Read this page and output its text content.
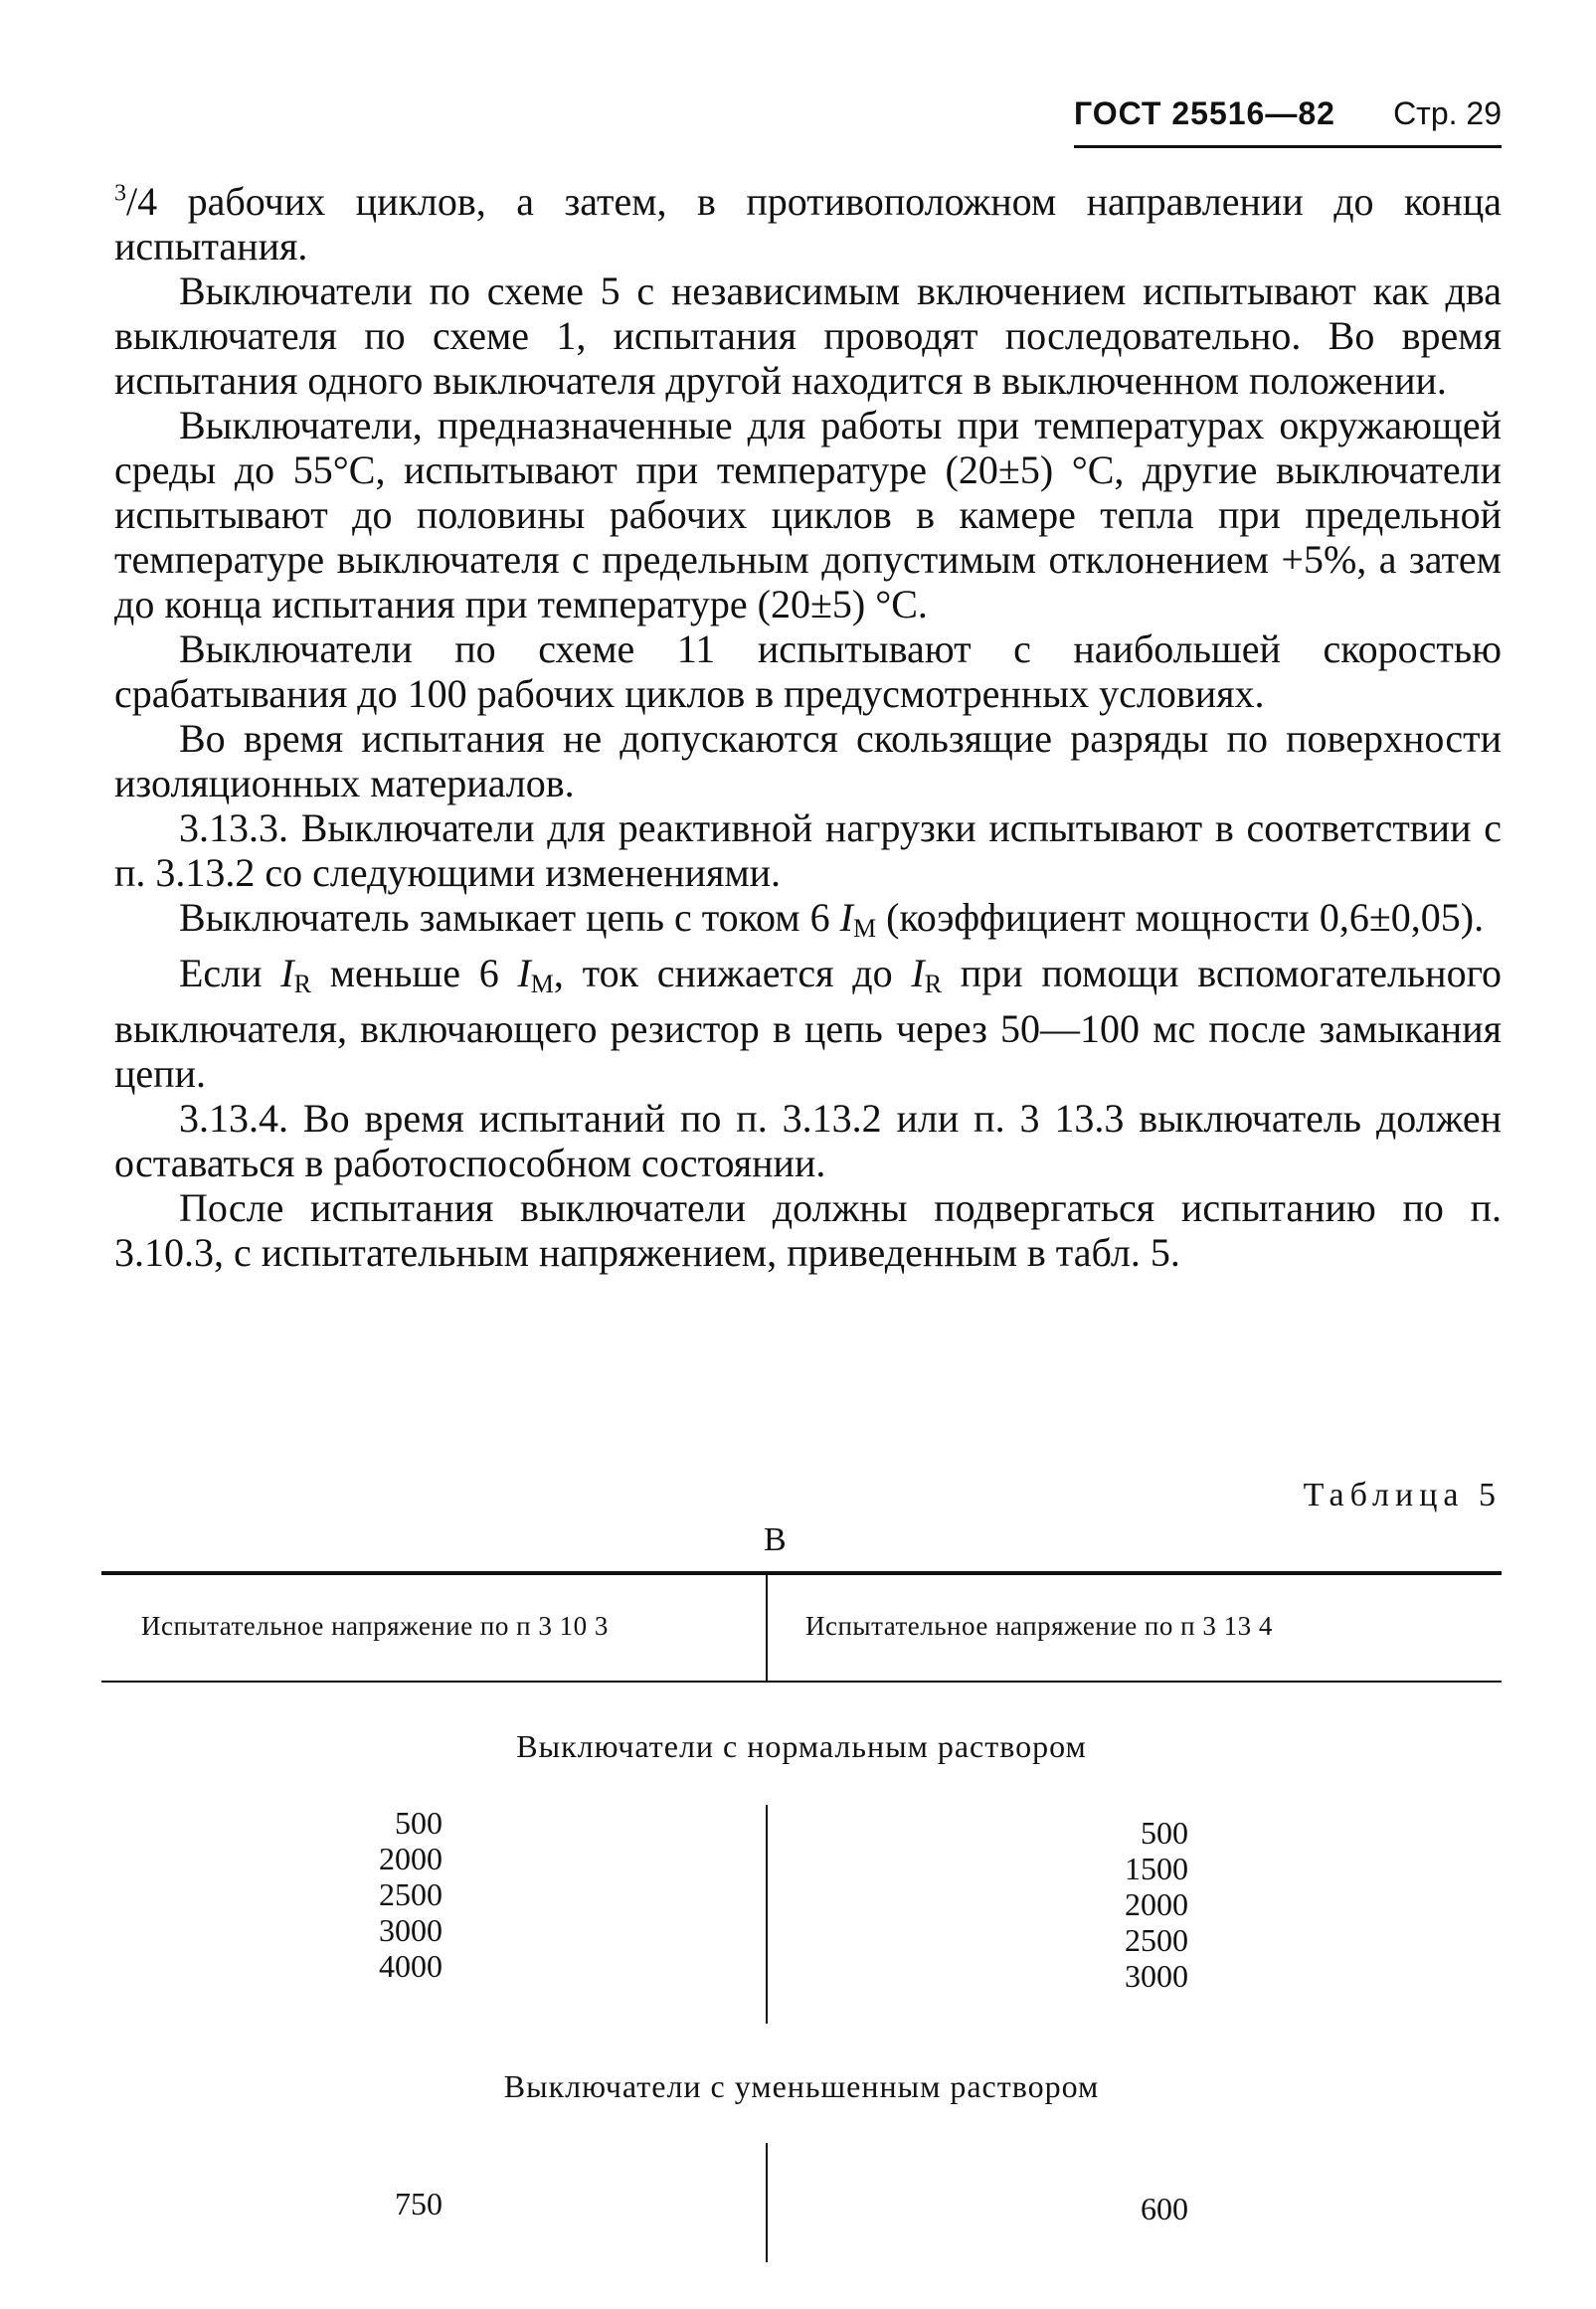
ГОСТ 25516—82 Стр. 29

$^3$/4 рабочих циклов, а затем, в противоположном направлении до конца испытания.

Выключатели по схеме 5 с независимым включением испытывают как два выключателя по схеме 1, испытания проводят последовательно. Во время испытания одного выключателя другой находится в выключенном положении.

Выключатели, предназначенные для работы при температурах окружающей среды до 55°С, испытывают при температуре (20±5) °С, другие выключатели испытывают до половины рабочих циклов в камере тепла при предельной температуре выключателя с предельным допустимым отклонением +5%, а затем до конца испытания при температуре (20±5) °С.

Выключатели по схеме 11 испытывают с наибольшей скоростью срабатывания до 100 рабочих циклов в предусмотренных условиях.

Во время испытания не допускаются скользящие разряды по поверхности изоляционных материалов.

3.13.3. Выключатели для реактивной нагрузки испытывают в соответствии с п. 3.13.2 со следующими изменениями.

Выключатель замыкает цепь с током 6 $I_M$ (коэффициент мощности 0,6±0,05).

Если $I_R$ меньше 6 $I_M$, ток снижается до $I_R$ при помощи вспомогательного выключателя, включающего резистор в цепь через 50—100 мс после замыкания цепи.

3.13.4. Во время испытаний по п. 3.13.2 или п. 3 13.3 выключатель должен оставаться в работоспособном состоянии.

После испытания выключатели должны подвергаться испытанию по п. 3.10.3, с испытательным напряжением, приведенным в табл. 5.

Таблица 5
В
Испытательное напряжение по п 3 10 3	Испытательное напряжение по п 3 13 4
Выключатели с нормальным раствором
500
2000
2500
3000
4000
500
1500
2000
2500
3000
Выключатели с уменьшенным раствором
750	600
